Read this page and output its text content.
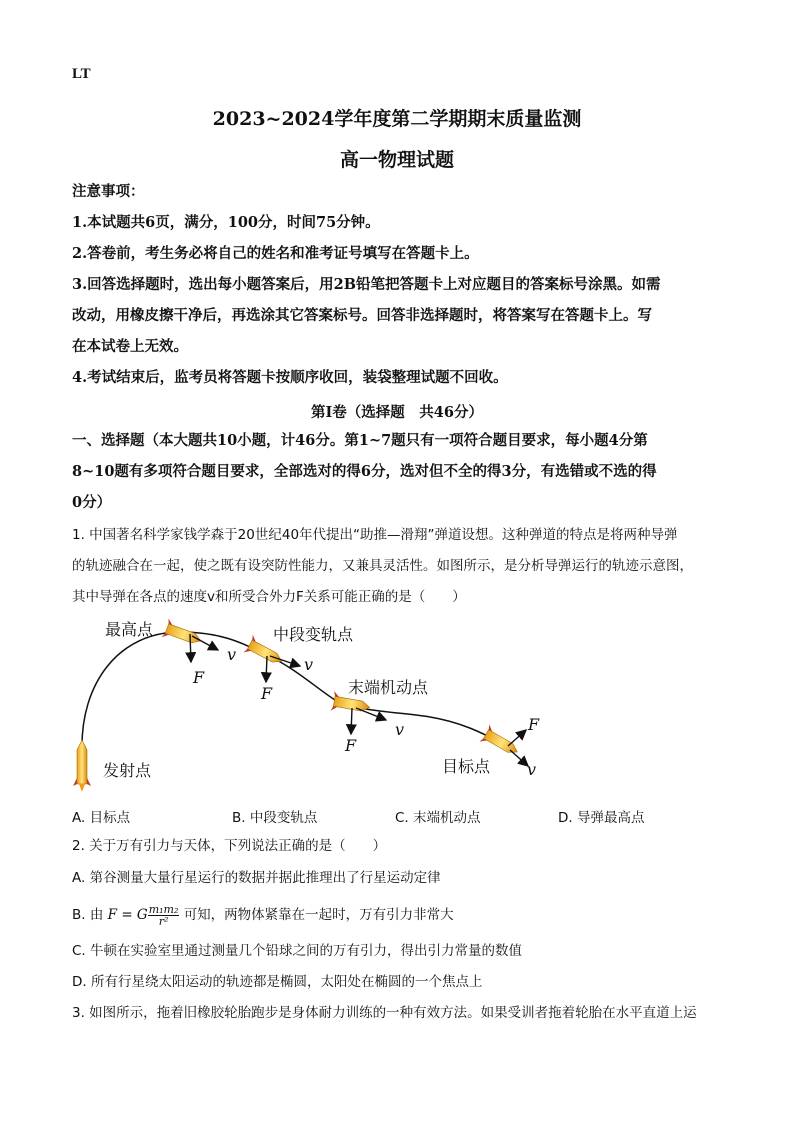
LT
2023~2024学年度第二学期期末质量监测
高一物理试题
注意事项：
1.本试题共6页，满分，100分，时间75分钟。
2.答卷前，考生务必将自己的姓名和准考证号填写在答题卡上。
3.回答选择题时，选出每小题答案后，用2B铅笔把答题卡上对应题目的答案标号涂黑。如需
改动，用橡皮擦干净后，再选涂其它答案标号。回答非选择题时，将答案写在答题卡上。写
在本试卷上无效。
4.考试结束后，监考员将答题卡按顺序收回，装袋整理试题不回收。
第I卷（选择题　共46分）
一、选择题（本大题共10小题，计46分。第1~7题只有一项符合题目要求，每小题4分第
8~10题有多项符合题目要求，全部选对的得6分，选对但不全的得3分，有选错或不选的得
0分）
1. 中国著名科学家钱学森于20世纪40年代提出“助推—滑翔”弹道设想。这种弹道的特点是将两种导弹
的轨迹融合在一起，使之既有设突防性能力，又兼具灵活性。如图所示，是分析导弹运行的轨迹示意图，
其中导弹在各点的速度v和所受合外力F关系可能正确的是（　　）
最高点	中段变轨点
末端机动点
发射点	目标点
F
v
F
v
F
v	F
v
A. 目标点	B. 中段变轨点	C. 末端机动点	D. 导弹最高点
2. 关于万有引力与天体，下列说法正确的是（　　）
A. 第谷测量大量行星运行的数据并据此推理出了行星运动定律
B. 由 F = G $\frac{\text{m₁m₂}}{\text{r²}}$ 可知，两物体紧靠在一起时，万有引力非常大
C. 牛顿在实验室里通过测量几个铅球之间的万有引力，得出引力常量的数值
D. 所有行星绕太阳运动的轨迹都是椭圆，太阳处在椭圆的一个焦点上
3. 如图所示，拖着旧橡胶轮胎跑步是身体耐力训练的一种有效方法。如果受训者拖着轮胎在水平直道上运
